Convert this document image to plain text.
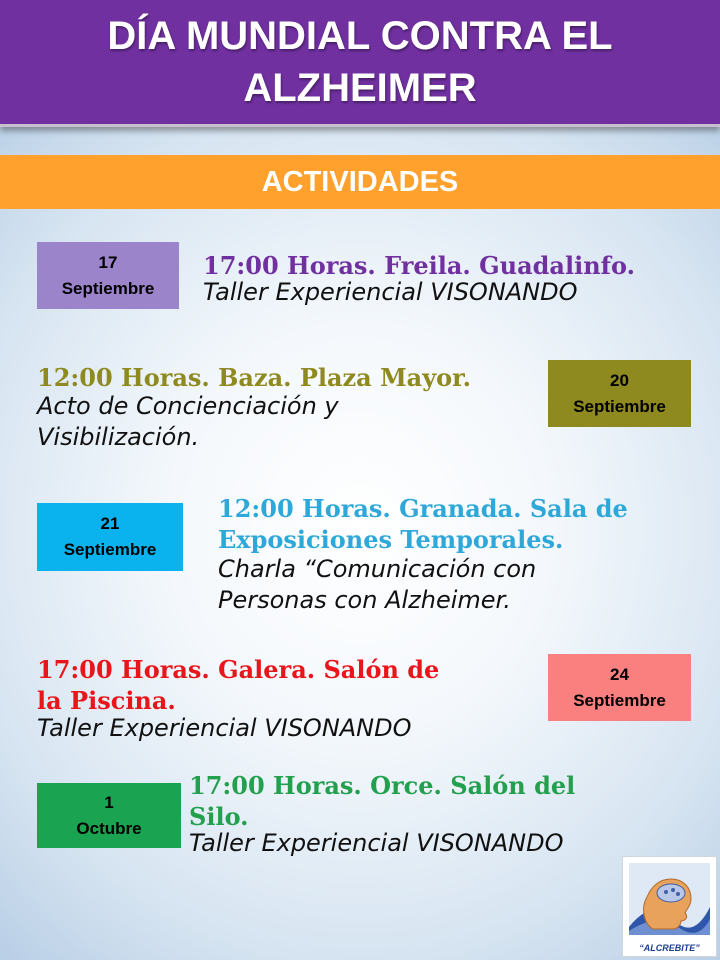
DÍA MUNDIAL CONTRA EL
ALZHEIMER
ACTIVIDADES
17
Septiembre
17:00 Horas. Freila. Guadalinfo.
Taller Experiencial VISONANDO
12:00 Horas. Baza. Plaza Mayor.
Acto de Concienciación y
Visibilización.
20
Septiembre
21
Septiembre
12:00 Horas. Granada. Sala de
Exposiciones Temporales.
Charla “Comunicación con
Personas con Alzheimer.
17:00 Horas. Galera. Salón de
la Piscina.
Taller Experiencial VISONANDO
24
Septiembre
1
Octubre
17:00 Horas. Orce. Salón del
Silo.
Taller Experiencial VISONANDO
“ALCREBITE”
